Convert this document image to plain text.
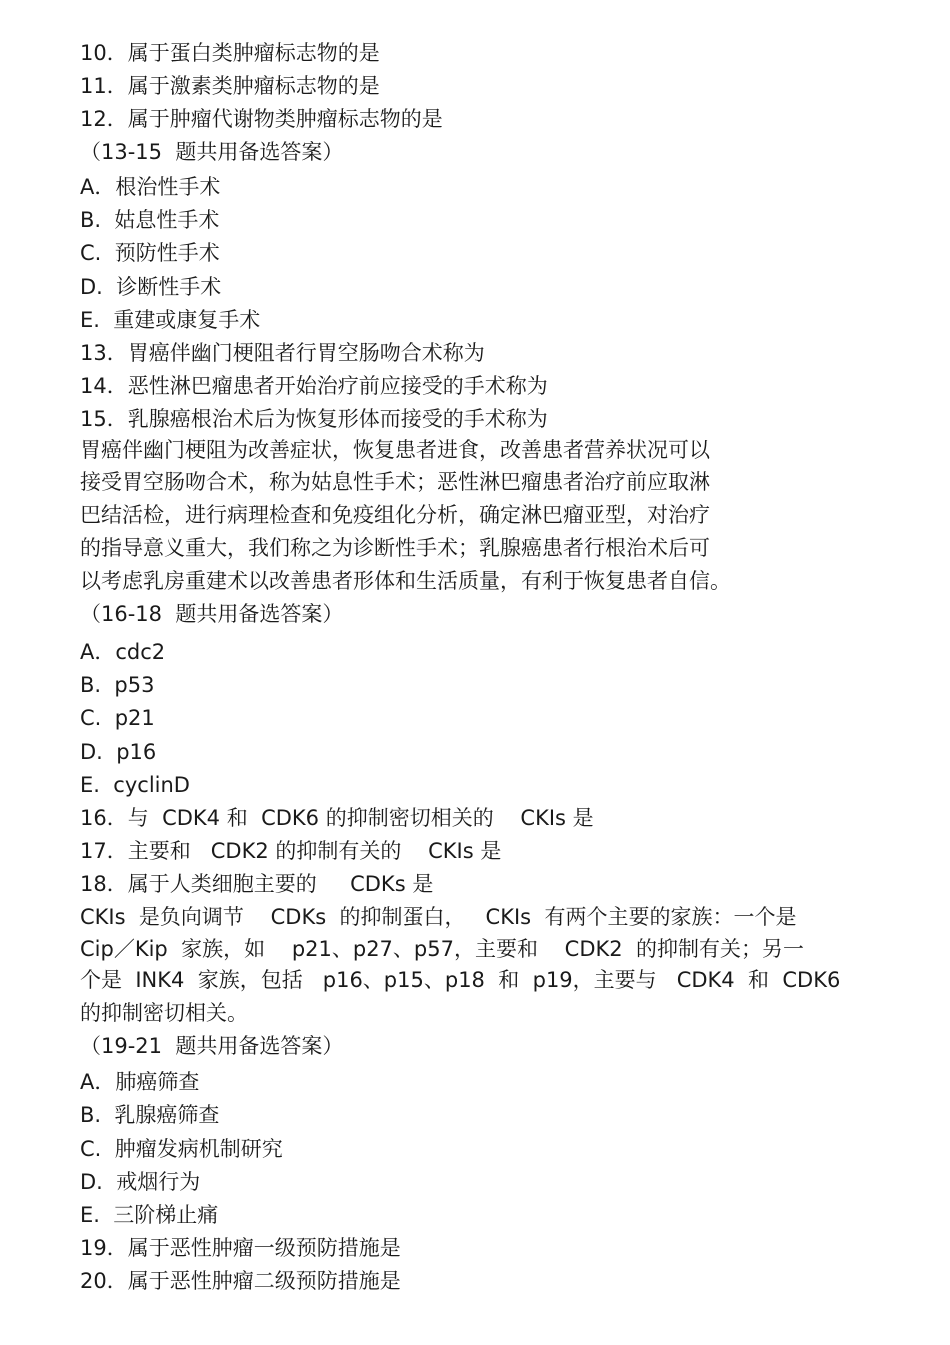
10．属于蛋白类肿瘤标志物的是
11．属于激素类肿瘤标志物的是
12．属于肿瘤代谢物类肿瘤标志物的是
（13-15  题共用备选答案）
A．根治性手术
B.  姑息性手术
C.  预防性手术
D.  诊断性手术
E.  重建或康复手术
13．胃癌伴幽门梗阻者行胃空肠吻合术称为
14．恶性淋巴瘤患者开始治疗前应接受的手术称为
15．乳腺癌根治术后为恢复形体而接受的手术称为
胃癌伴幽门梗阻为改善症状，恢复患者进食，改善患者营养状况可以
接受胃空肠吻合术，称为姑息性手术；恶性淋巴瘤患者治疗前应取淋
巴结活检，进行病理检查和免疫组化分析，确定淋巴瘤亚型，对治疗
的指导意义重大，我们称之为诊断性手术；乳腺癌患者行根治术后可
以考虑乳房重建术以改善患者形体和生活质量，有利于恢复患者自信。
（16-18  题共用备选答案）
A．cdc2
B.  p53
C.  p21
D.  p16
E.  cyclinD
16．与  CDK4 和  CDK6 的抑制密切相关的    CKIs 是
17．主要和   CDK2 的抑制有关的    CKIs 是
18．属于人类细胞主要的     CDKs 是
CKIs  是负向调节    CDKs  的抑制蛋白，   CKIs  有两个主要的家族：一个是
Cip／Kip  家族，如    p21、p27、p57，主要和    CDK2  的抑制有关；另一
个是  INK4  家族，包括   p16、p15、p18  和  p19，主要与   CDK4  和  CDK6
的抑制密切相关。
（19-21  题共用备选答案）
A．肺癌筛查
B.  乳腺癌筛查
C.  肿瘤发病机制研究
D.  戒烟行为
E.  三阶梯止痛
19．属于恶性肿瘤一级预防措施是
20．属于恶性肿瘤二级预防措施是
